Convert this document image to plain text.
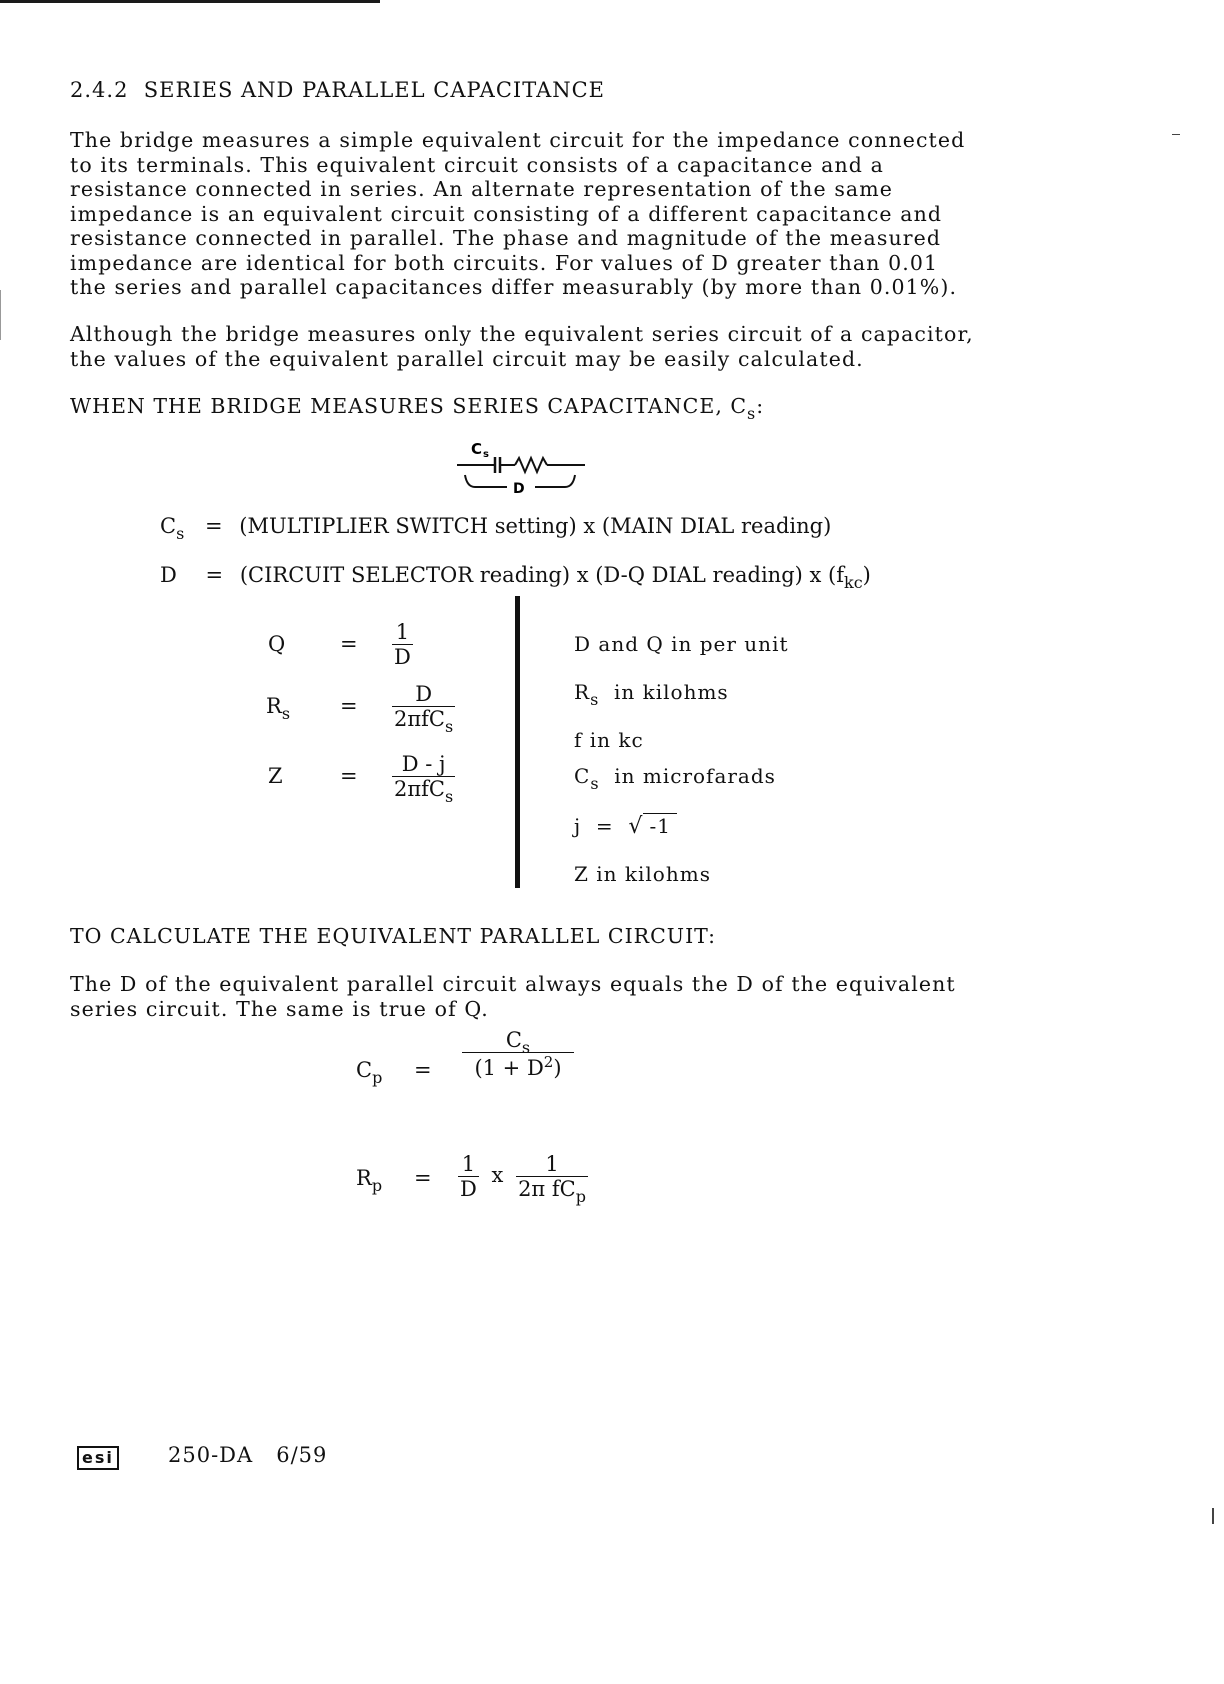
2.4.2 SERIES AND PARALLEL CAPACITANCE
The bridge measures a simple equivalent circuit for the impedance connected
to its terminals. This equivalent circuit consists of a capacitance and a
resistance connected in series. An alternate representation of the same
impedance is an equivalent circuit consisting of a different capacitance and
resistance connected in parallel. The phase and magnitude of the measured
impedance are identical for both circuits. For values of D greater than 0.01
the series and parallel capacitances differ measurably (by more than 0.01%).
Although the bridge measures only the equivalent series circuit of a capacitor,
the values of the equivalent parallel circuit may be easily calculated.
WHEN THE BRIDGE MEASURES SERIES CAPACITANCE, $C_s$:
C s
D
$C_s$ = (MULTIPLIER SWITCH setting) x (MAIN DIAL reading)
D = (CIRCUIT SELECTOR reading) x (D-Q DIAL reading) x $(f_{kc})$
Q	= $\frac{1}{D}$
$R_s = \frac{D}{2\pi fC_s}$
Z	= $\frac{D - j}{2\pi fC_s}$
D and Q in per unit
$R_s$ in kilohms
f in kc
$C_s$ in microfarads
j = √ -1
Z in kilohms
TO CALCULATE THE EQUIVALENT PARALLEL CIRCUIT:
The D of the equivalent parallel circuit always equals the D of the equivalent
series circuit. The same is true of Q.
$C_p = \frac{C_s}{(1 + D^2)}$
$R_p = \frac{1}{D}$ x $\frac{1}{2\pi fC_p}$
esi	250-DA 6/59
